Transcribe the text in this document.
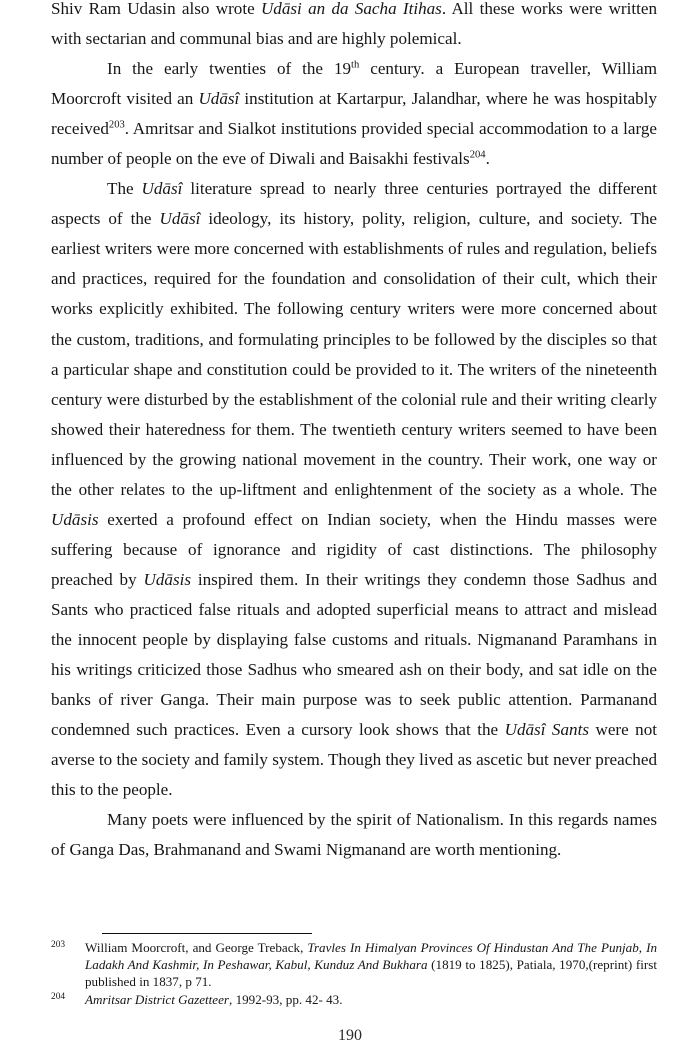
Shiv Ram Udasin also wrote Udāsi an da Sacha Itihas. All these works were written with sectarian and communal bias and are highly polemical.

In the early twenties of the 19th century. a European traveller, William Moorcroft visited an Udāsî institution at Kartarpur, Jalandhar, where he was hospitably received$^{203}$. Amritsar and Sialkot institutions provided special accommodation to a large number of people on the eve of Diwali and Baisakhi festivals$^{204}$.

The Udāsî literature spread to nearly three centuries portrayed the different aspects of the Udāsî ideology, its history, polity, religion, culture, and society. The earliest writers were more concerned with establishments of rules and regulation, beliefs and practices, required for the foundation and consolidation of their cult, which their works explicitly exhibited. The following century writers were more concerned about the custom, traditions, and formulating principles to be followed by the disciples so that a particular shape and constitution could be provided to it. The writers of the nineteenth century were disturbed by the establishment of the colonial rule and their writing clearly showed their hateredness for them. The twentieth century writers seemed to have been influenced by the growing national movement in the country. Their work, one way or the other relates to the up-liftment and enlightenment of the society as a whole. The Udāsis exerted a profound effect on Indian society, when the Hindu masses were suffering because of ignorance and rigidity of cast distinctions. The philosophy preached by Udāsis inspired them. In their writings they condemn those Sadhus and Sants who practiced false rituals and adopted superficial means to attract and mislead the innocent people by displaying false customs and rituals. Nigmanand Paramhans in his writings criticized those Sadhus who smeared ash on their body, and sat idle on the banks of river Ganga. Their main purpose was to seek public attention. Parmanand condemned such practices. Even a cursory look shows that the Udāsî Sants were not averse to the society and family system. Though they lived as ascetic but never preached this to the people.

Many poets were influenced by the spirit of Nationalism. In this regards names of Ganga Das, Brahmanand and Swami Nigmanand are worth mentioning.

203	William Moorcroft, and George Treback, Travles In Himalyan Provinces Of Hindustan And The Punjab, In Ladakh And Kashmir, In Peshawar, Kabul, Kunduz And Bukhara (1819 to 1825), Patiala, 1970,(reprint) first published in 1837, p 71.
204	Amritsar District Gazetteer, 1992-93, pp. 42- 43.
190
